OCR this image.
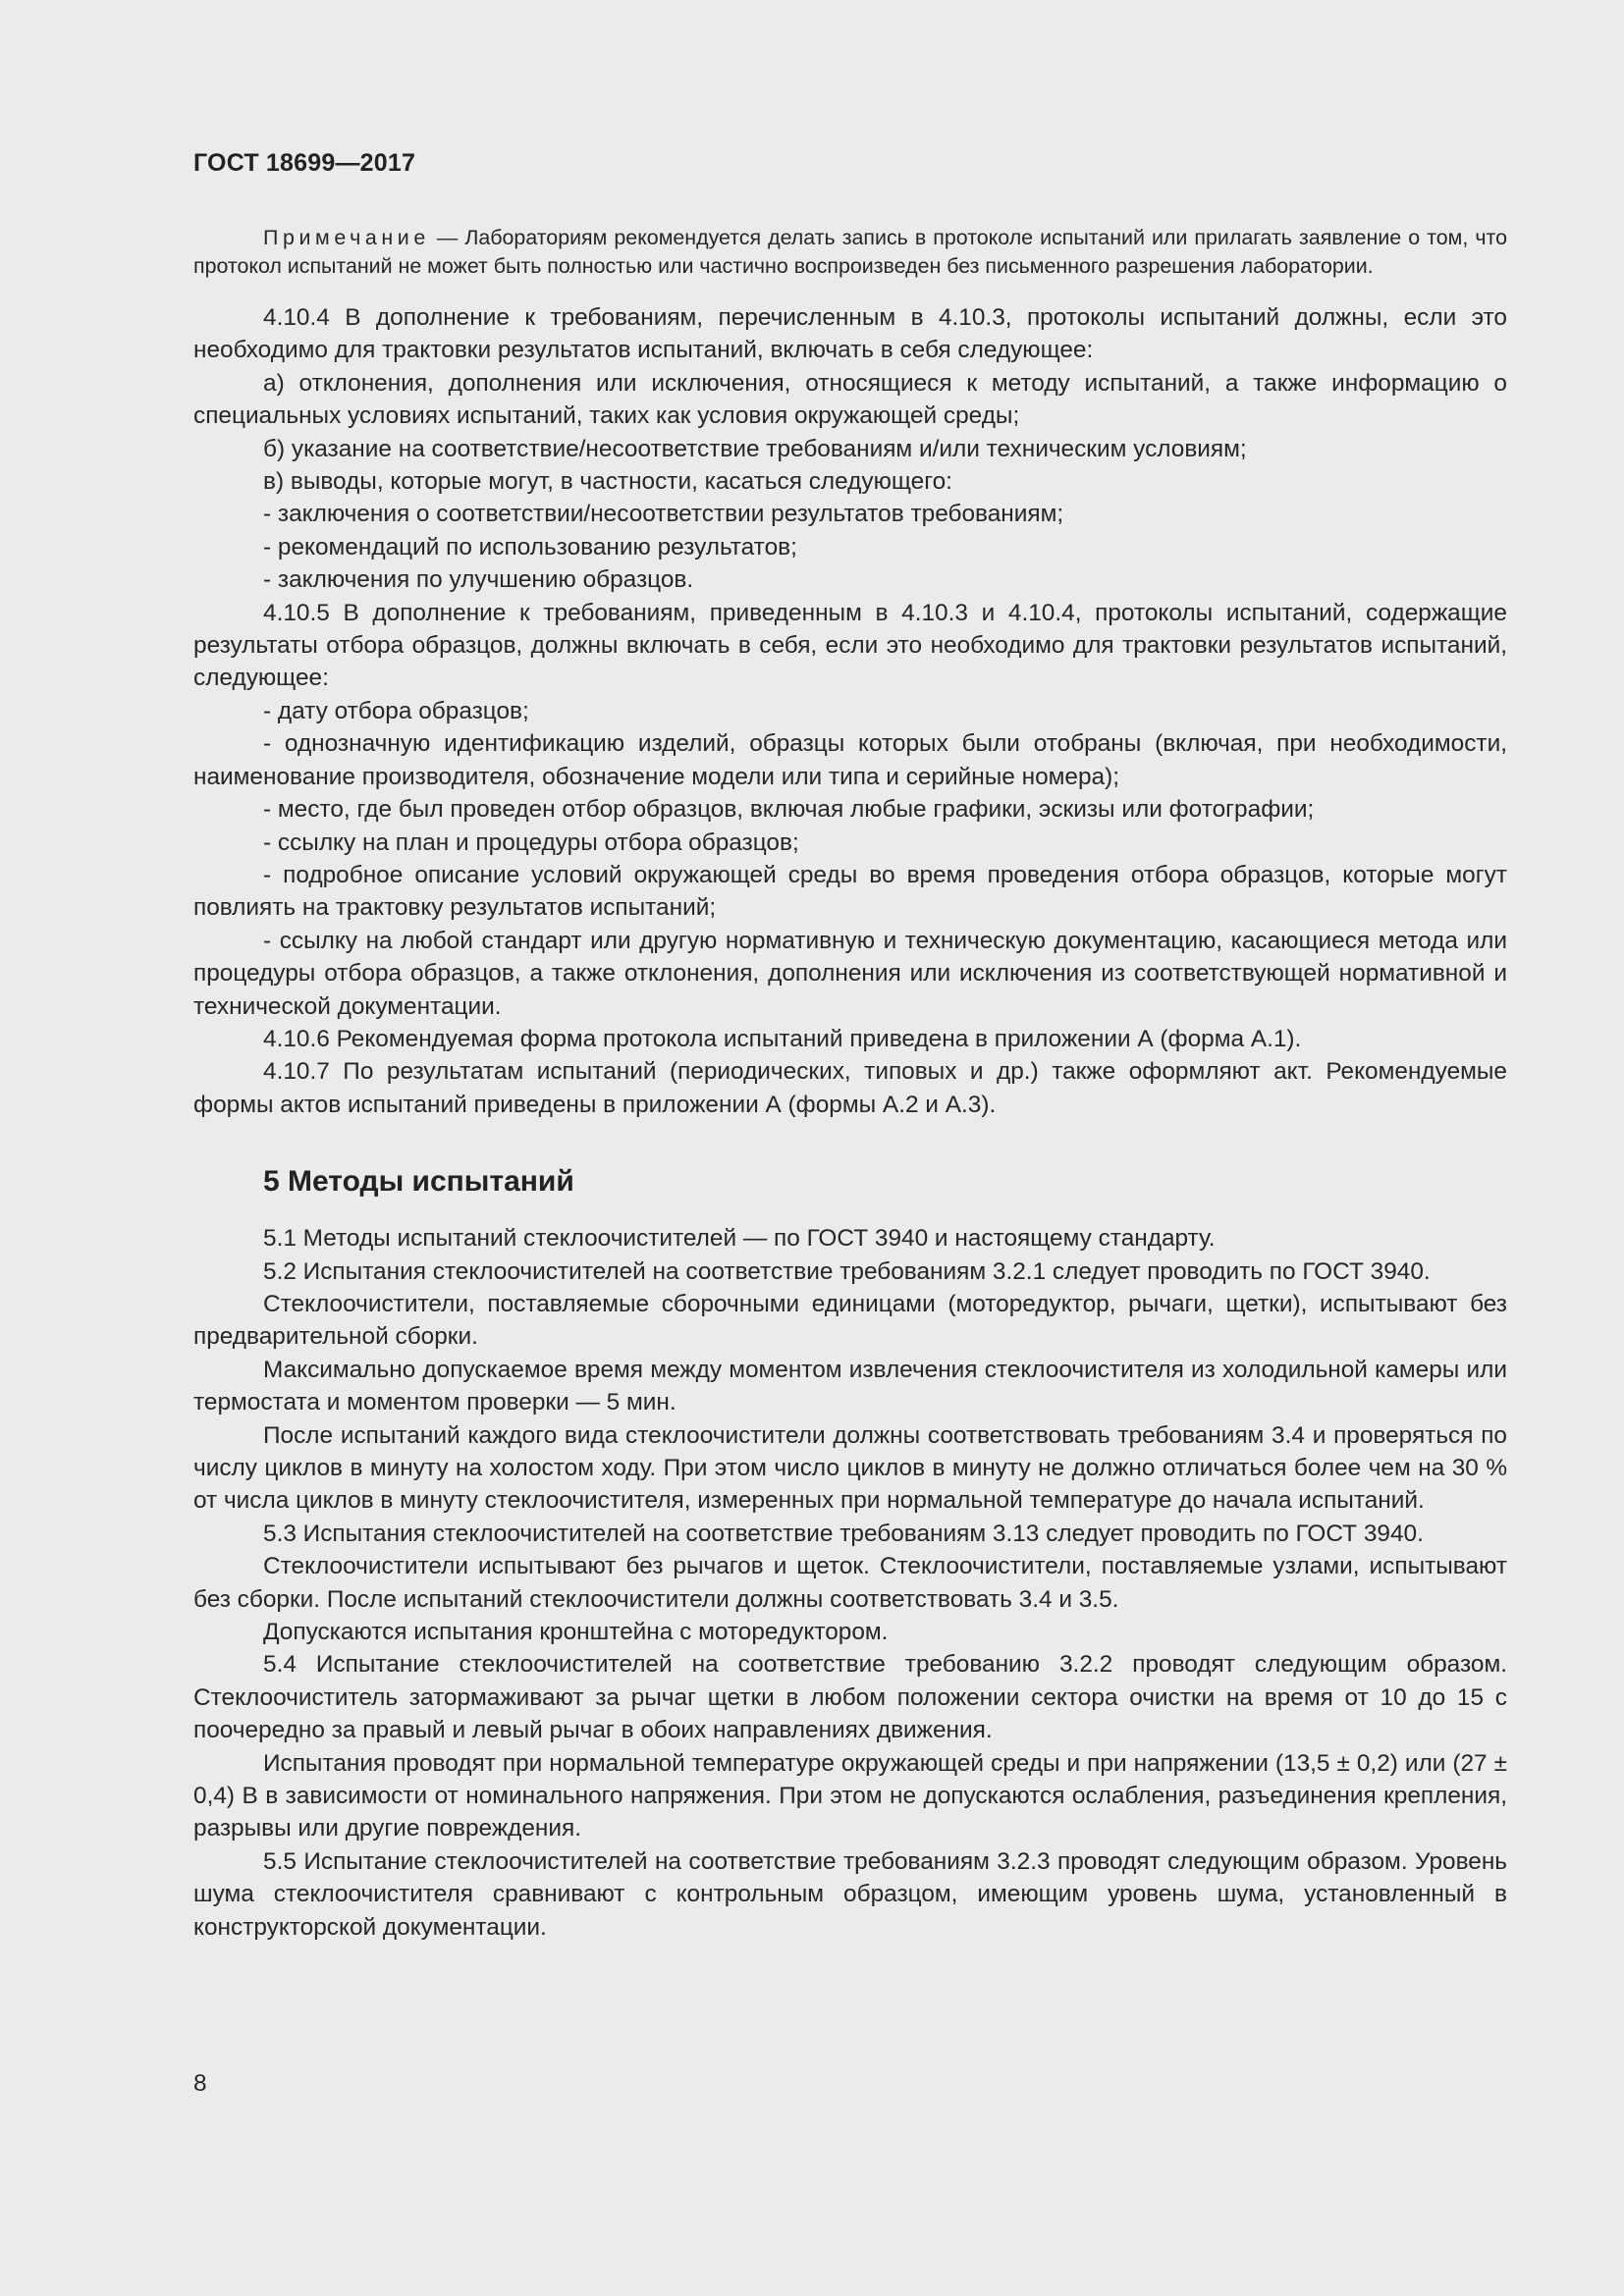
ГОСТ 18699—2017

Примечание — Лабораториям рекомендуется делать запись в протоколе испытаний или прилагать заявление о том, что протокол испытаний не может быть полностью или частично воспроизведен без письменного разрешения лаборатории.

4.10.4 В дополнение к требованиям, перечисленным в 4.10.3, протоколы испытаний должны, если это необходимо для трактовки результатов испытаний, включать в себя следующее:

а) отклонения, дополнения или исключения, относящиеся к методу испытаний, а также информацию о специальных условиях испытаний, таких как условия окружающей среды;

б) указание на соответствие/несоответствие требованиям и/или техническим условиям;

в) выводы, которые могут, в частности, касаться следующего:

- заключения о соответствии/несоответствии результатов требованиям;

- рекомендаций по использованию результатов;

- заключения по улучшению образцов.

4.10.5 В дополнение к требованиям, приведенным в 4.10.3 и 4.10.4, протоколы испытаний, содержащие результаты отбора образцов, должны включать в себя, если это необходимо для трактовки результатов испытаний, следующее:

- дату отбора образцов;

- однозначную идентификацию изделий, образцы которых были отобраны (включая, при необходимости, наименование производителя, обозначение модели или типа и серийные номера);

- место, где был проведен отбор образцов, включая любые графики, эскизы или фотографии;

- ссылку на план и процедуры отбора образцов;

- подробное описание условий окружающей среды во время проведения отбора образцов, которые могут повлиять на трактовку результатов испытаний;

- ссылку на любой стандарт или другую нормативную и техническую документацию, касающиеся метода или процедуры отбора образцов, а также отклонения, дополнения или исключения из соответствующей нормативной и технической документации.

4.10.6 Рекомендуемая форма протокола испытаний приведена в приложении А (форма А.1).

4.10.7 По результатам испытаний (периодических, типовых и др.) также оформляют акт. Рекомендуемые формы актов испытаний приведены в приложении А (формы А.2 и А.3).

5 Методы испытаний

5.1 Методы испытаний стеклоочистителей — по ГОСТ 3940 и настоящему стандарту.

5.2 Испытания стеклоочистителей на соответствие требованиям 3.2.1 следует проводить по ГОСТ 3940.

Стеклоочистители, поставляемые сборочными единицами (моторедуктор, рычаги, щетки), испытывают без предварительной сборки.

Максимально допускаемое время между моментом извлечения стеклоочистителя из холодильной камеры или термостата и моментом проверки — 5 мин.

После испытаний каждого вида стеклоочистители должны соответствовать требованиям 3.4 и проверяться по числу циклов в минуту на холостом ходу. При этом число циклов в минуту не должно отличаться более чем на 30 % от числа циклов в минуту стеклоочистителя, измеренных при нормальной температуре до начала испытаний.

5.3 Испытания стеклоочистителей на соответствие требованиям 3.13 следует проводить по ГОСТ 3940.

Стеклоочистители испытывают без рычагов и щеток. Стеклоочистители, поставляемые узлами, испытывают без сборки. После испытаний стеклоочистители должны соответствовать 3.4 и 3.5.

Допускаются испытания кронштейна с моторедуктором.

5.4 Испытание стеклоочистителей на соответствие требованию 3.2.2 проводят следующим образом. Стеклоочиститель затормаживают за рычаг щетки в любом положении сектора очистки на время от 10 до 15 с поочередно за правый и левый рычаг в обоих направлениях движения.

Испытания проводят при нормальной температуре окружающей среды и при напряжении (13,5 ± 0,2) или (27 ± 0,4) В в зависимости от номинального напряжения. При этом не допускаются ослабления, разъединения крепления, разрывы или другие повреждения.

5.5 Испытание стеклоочистителей на соответствие требованиям 3.2.3 проводят следующим образом. Уровень шума стеклоочистителя сравнивают с контрольным образцом, имеющим уровень шума, установленный в конструкторской документации.

8
